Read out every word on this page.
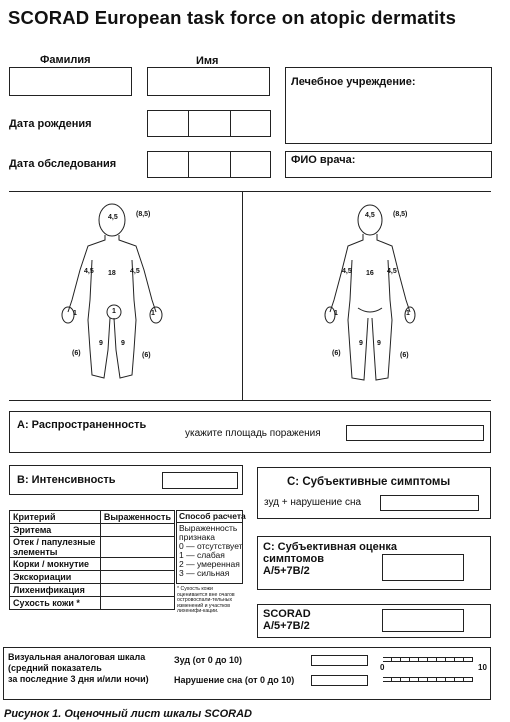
SCORAD European task force on atopic dermatits
Фамилия	Имя
Лечебное учреждение:
Дата рождения
Дата обследования	ФИО врача:
4,5	(8,5)
18
4,5	4,5
1	1
1
9	9
(6)	(6)
4,5	(8,5)
16
4,5	4,5
1	1
9 9
(6)	(6)
A: Распространенность
укажите площадь поражения
B: Интенсивность
Критерий	Выраженность
Эритема	
Отек / папулезные элементы	
Корки / мокнутие	
Экскориации	
Лихенификация	
Сухость кожи *	
Способ расчета
Выраженность
признака
0 — отсутствует
1 — слабая
2 — умеренная
3 — сильная
* Сухость кожи оценивается вне очагов островоспали-тельных изменений и участков лихенифи-кации.
C: Субъективные симптомы
зуд + нарушение сна
C: Субъективная оценка
симптомов
A/5+7B/2
SCORAD
A/5+7B/2
Визуальная аналоговая шкала
(средний показатель
за последние 3 дня и/или ночи)
Зуд (от 0 до 10)
Нарушение сна (от 0 до 10)
0	10
Рисунок 1. Оценочный лист шкалы SCORAD
